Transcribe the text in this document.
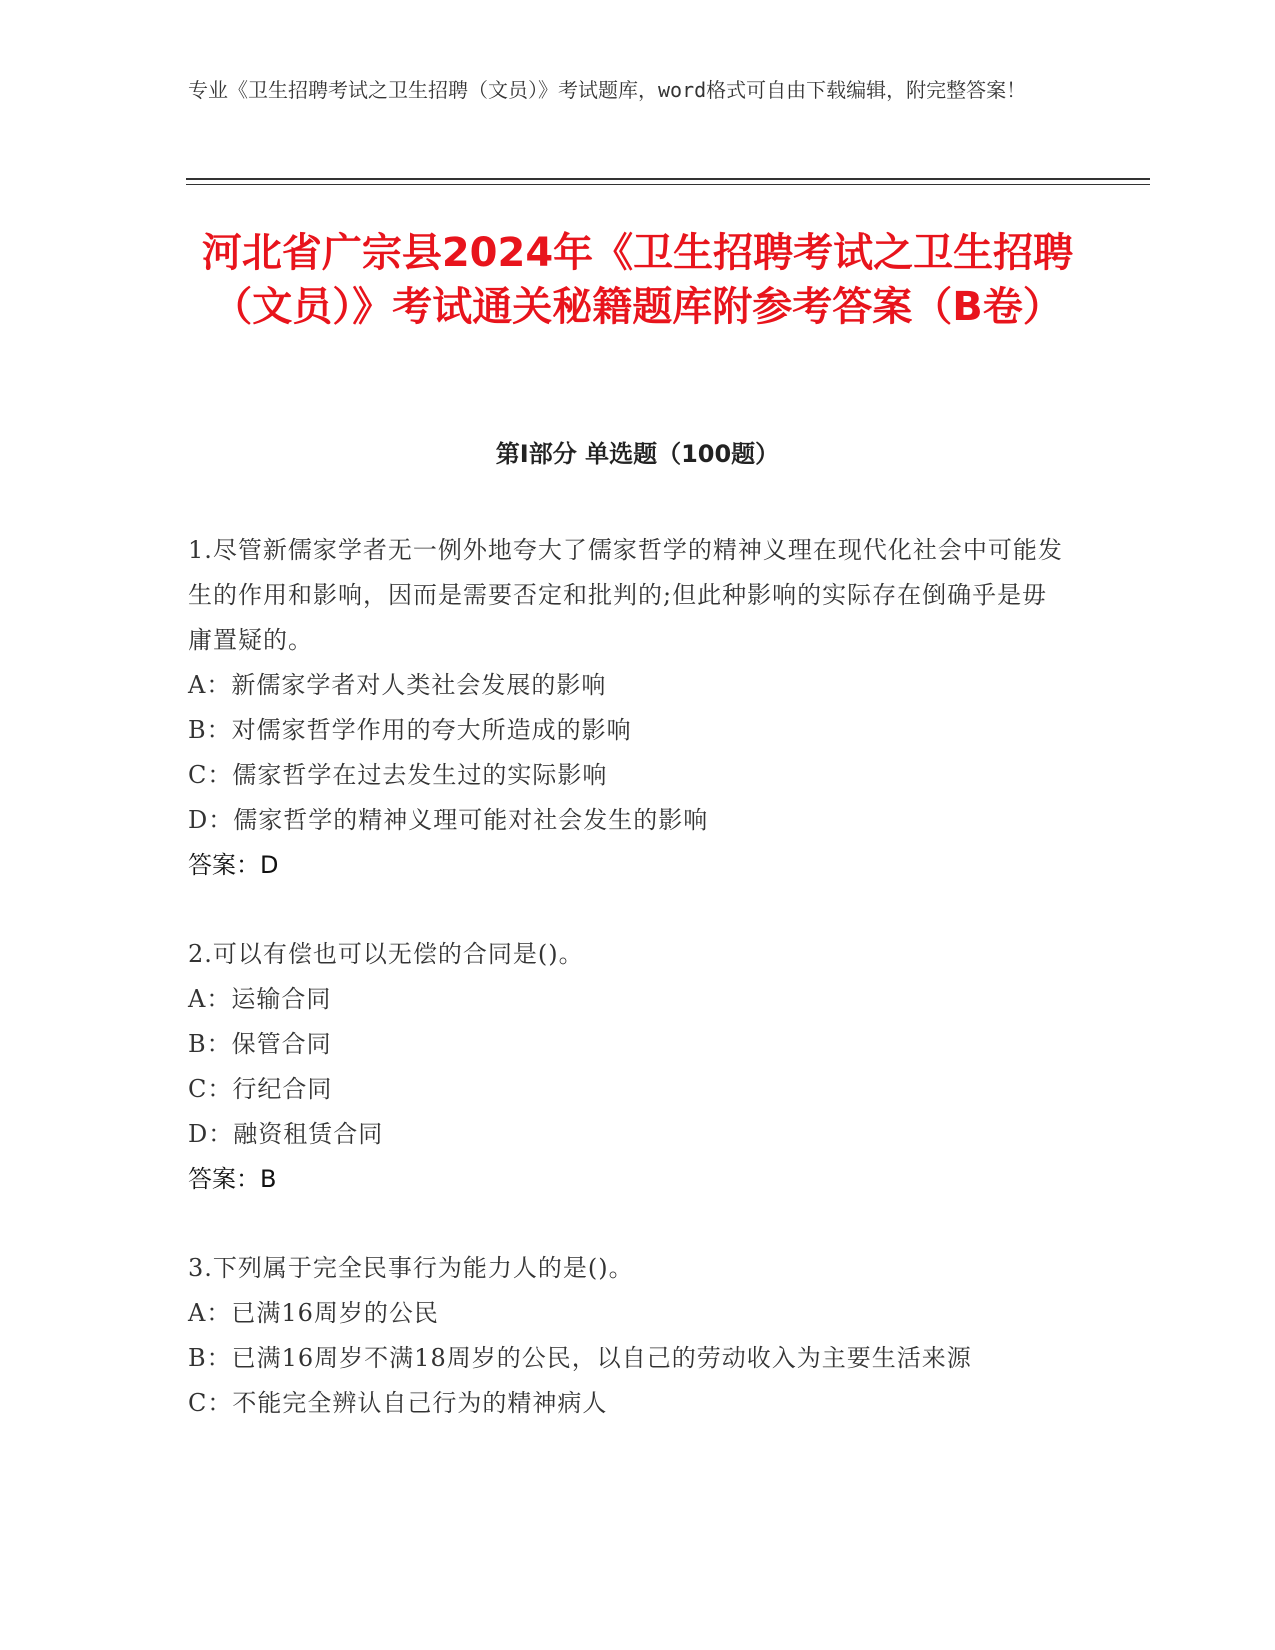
专业《卫生招聘考试之卫生招聘（文员）》考试题库，word格式可自由下载编辑，附完整答案！
河北省广宗县2024年《卫生招聘考试之卫生招聘（文员）》考试通关秘籍题库附参考答案（B卷）
第I部分 单选题（100题）
1.尽管新儒家学者无一例外地夸大了儒家哲学的精神义理在现代化社会中可能发生的作用和影响，因而是需要否定和批判的;但此种影响的实际存在倒确乎是毋庸置疑的。
A：新儒家学者对人类社会发展的影响
B：对儒家哲学作用的夸大所造成的影响
C：儒家哲学在过去发生过的实际影响
D：儒家哲学的精神义理可能对社会发生的影响
答案：D
2.可以有偿也可以无偿的合同是()。
A：运输合同
B：保管合同
C：行纪合同
D：融资租赁合同
答案：B
3.下列属于完全民事行为能力人的是()。
A：已满16周岁的公民
B：已满16周岁不满18周岁的公民，以自己的劳动收入为主要生活来源
C：不能完全辨认自己行为的精神病人
